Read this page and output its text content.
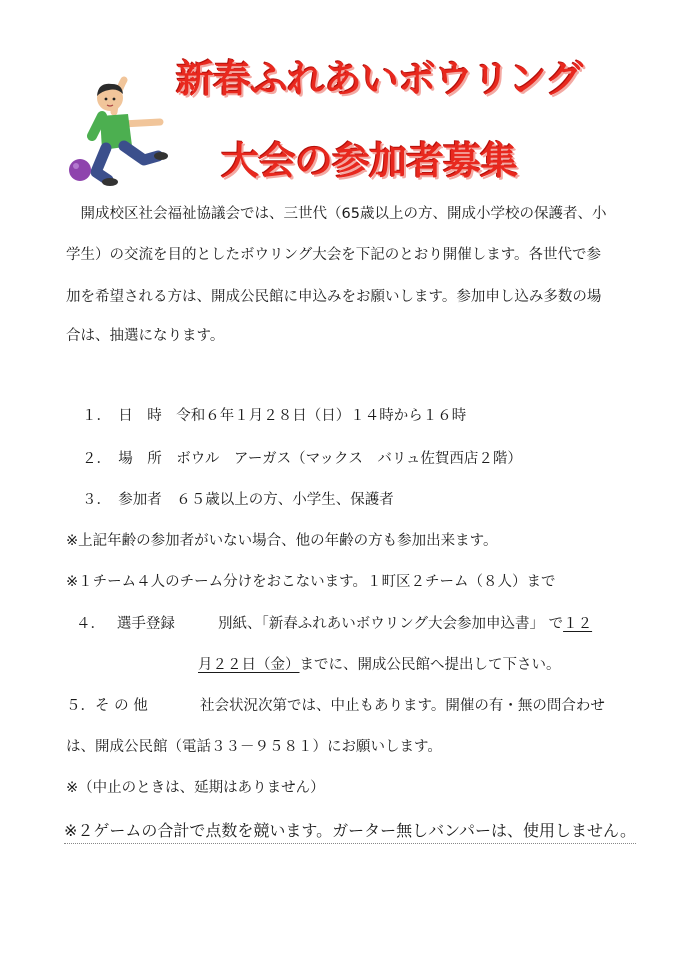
新春ふれあいボウリング
大会の参加者募集
　開成校区社会福祉協議会では、三世代（65歳以上の方、開成小学校の保護者、小
学生）の交流を目的としたボウリング大会を下記のとおり開催します。各世代で参
加を希望される方は、開成公民館に申込みをお願いします。参加申し込み多数の場
合は、抽選になります。
１．　日　時　令和６年１月２８日（日）１４時から１６時
２．　場　所　ボウル　アーガス（マックス　バリュ佐賀西店２階）
３．　参加者　６５歳以上の方、小学生、保護者
※上記年齢の参加者がいない場合、他の年齢の方も参加出来ます。
※１チーム４人のチーム分けをおこないます。１町区２チーム（８人）まで
４．　 選手登録	別紙、「新春ふれあいボウリング大会参加申込書」 で１２
月２２日（金）までに、開成公民館へ提出して下さい。
５．そ の 他	社会状況次第では、中止もあります。開催の有・無の問合わせ
は、開成公民館（電話３３－９５８１）にお願いします。
※（中止のときは、延期はありません）
※２ゲームの合計で点数を競います。ガーター無しバンパーは、使用しません。
